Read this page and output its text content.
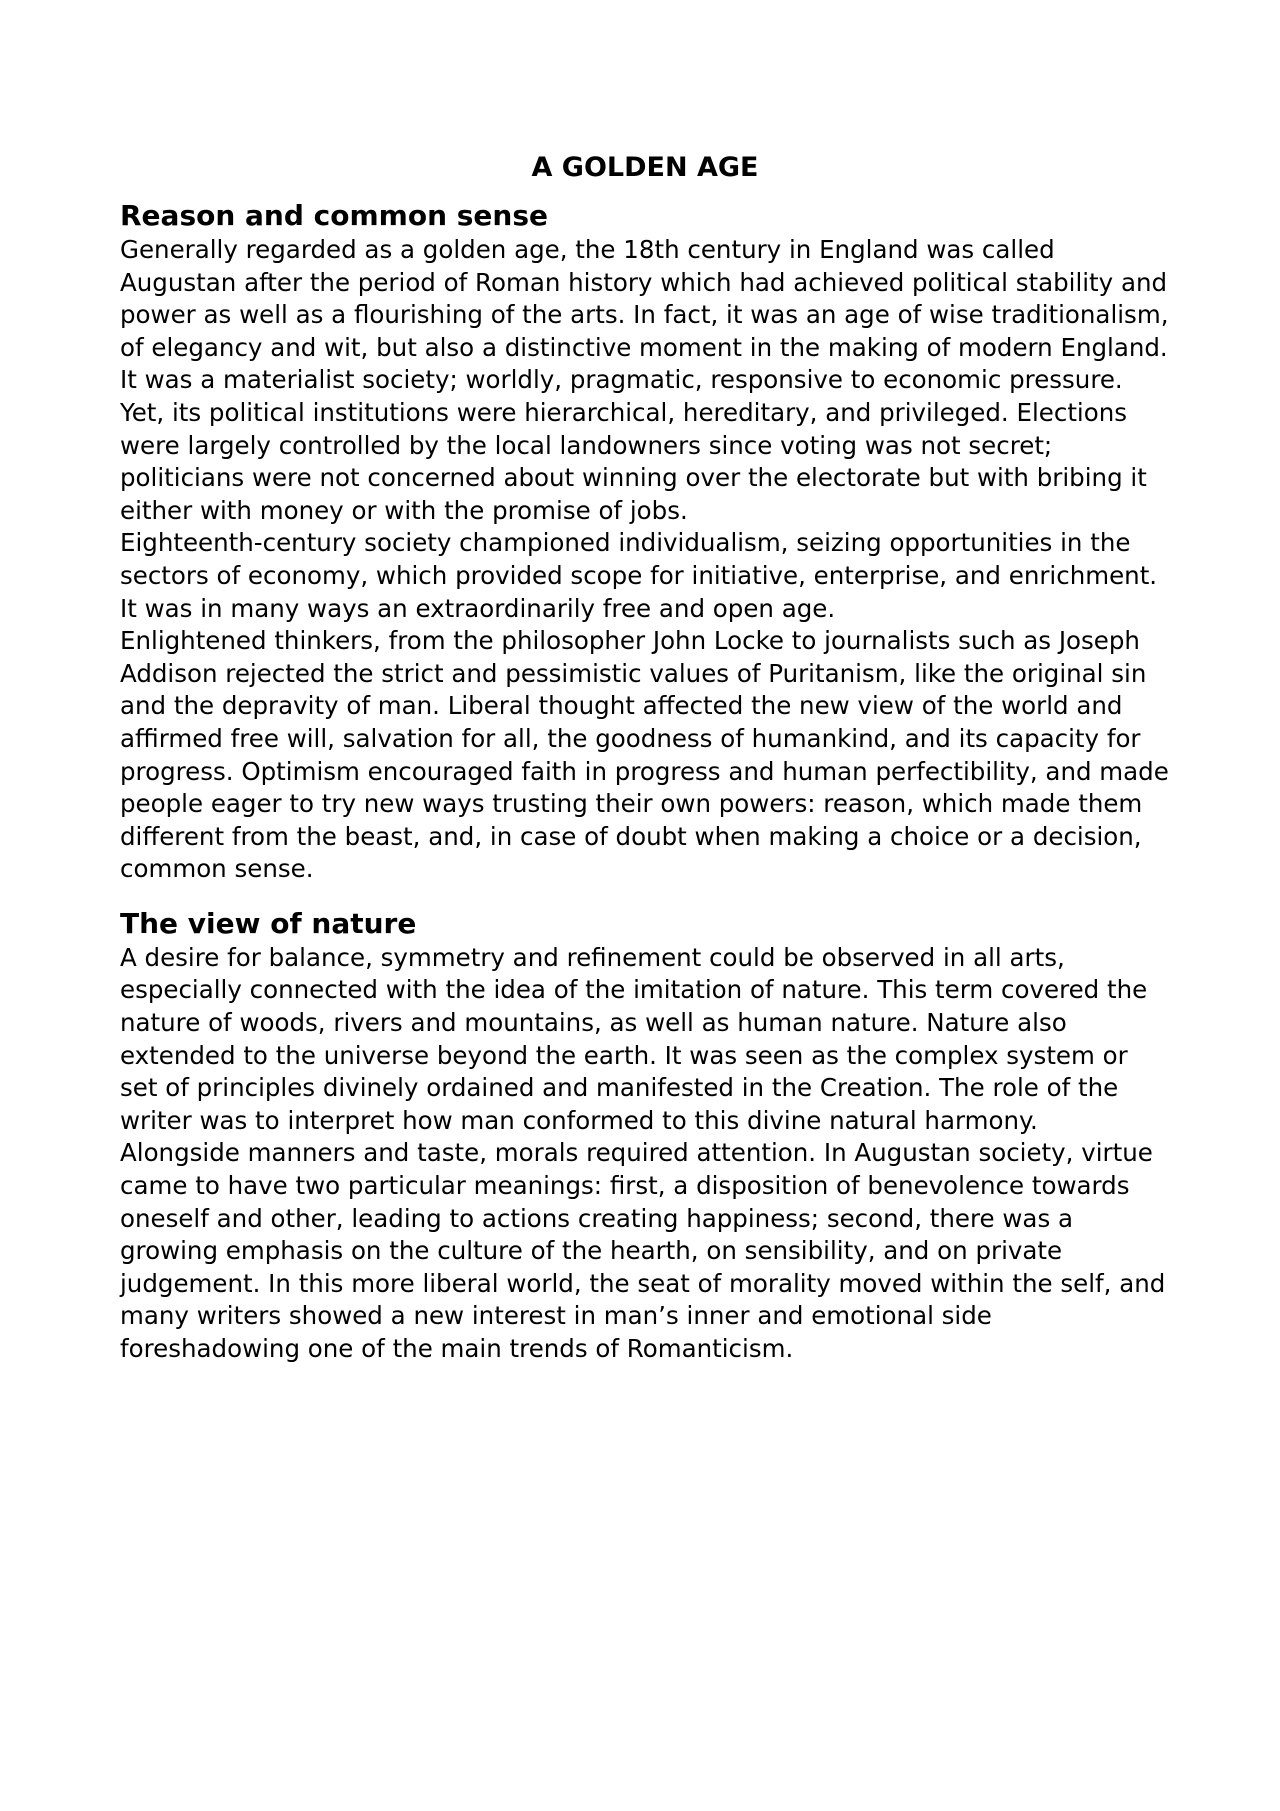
A GOLDEN AGE
Reason and common sense

Generally regarded as a golden age, the 18th century in England was called Augustan after the period of Roman history which had achieved political stability and power as well as a flourishing of the arts. In fact, it was an age of wise traditionalism, of elegancy and wit, but also a distinctive moment in the making of modern England.

It was a materialist society; worldly, pragmatic, responsive to economic pressure. Yet, its political institutions were hierarchical, hereditary, and privileged. Elections were largely controlled by the local landowners since voting was not secret; politicians were not concerned about winning over the electorate but with bribing it either with money or with the promise of jobs.

Eighteenth-century society championed individualism, seizing opportunities in the sectors of economy, which provided scope for initiative, enterprise, and enrichment. It was in many ways an extraordinarily free and open age.

Enlightened thinkers, from the philosopher John Locke to journalists such as Joseph Addison rejected the strict and pessimistic values of Puritanism, like the original sin and the depravity of man. Liberal thought affected the new view of the world and affirmed free will, salvation for all, the goodness of humankind, and its capacity for progress. Optimism encouraged faith in progress and human perfectibility, and made people eager to try new ways trusting their own powers: reason, which made them different from the beast, and, in case of doubt when making a choice or a decision, common sense.

The view of nature

A desire for balance, symmetry and refinement could be observed in all arts, especially connected with the idea of the imitation of nature. This term covered the nature of woods, rivers and mountains, as well as human nature. Nature also extended to the universe beyond the earth. It was seen as the complex system or set of principles divinely ordained and manifested in the Creation. The role of the writer was to interpret how man conformed to this divine natural harmony.

Alongside manners and taste, morals required attention. In Augustan society, virtue came to have two particular meanings: first, a disposition of benevolence towards oneself and other, leading to actions creating happiness; second, there was a growing emphasis on the culture of the hearth, on sensibility, and on private judgement. In this more liberal world, the seat of morality moved within the self, and many writers showed a new interest in man’s inner and emotional side foreshadowing one of the main trends of Romanticism.
